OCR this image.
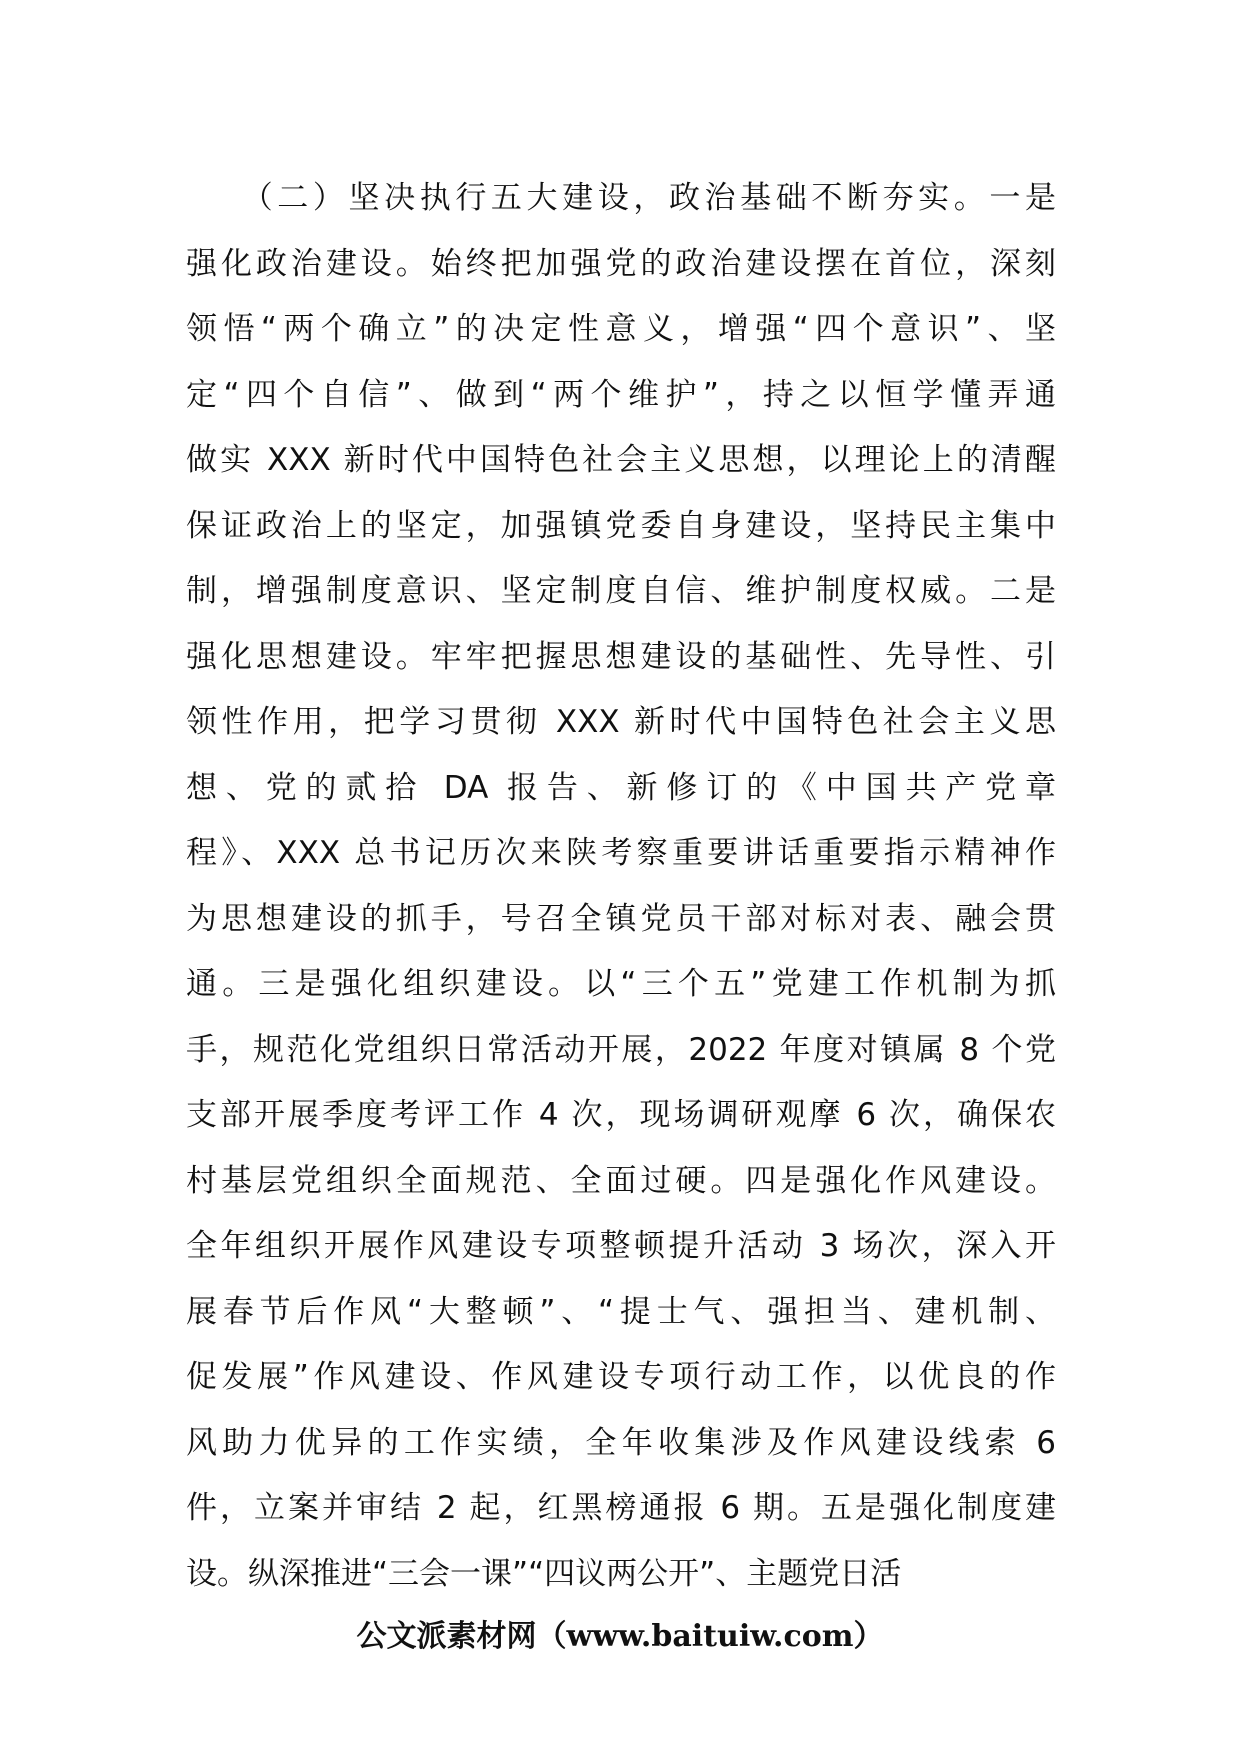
　　（二）坚决执行五大建设，政治基础不断夯实。一是
强化政治建设。始终把加强党的政治建设摆在首位，深刻
领悟“两个确立”的决定性意义，增强“四个意识”、坚
定“四个自信”、做到“两个维护”，持之以恒学懂弄通
做实 XXX 新时代中国特色社会主义思想，以理论上的清醒
保证政治上的坚定，加强镇党委自身建设，坚持民主集中
制，增强制度意识、坚定制度自信、维护制度权威。二是
强化思想建设。牢牢把握思想建设的基础性、先导性、引
领性作用，把学习贯彻 XXX 新时代中国特色社会主义思
想、党的贰拾 DA 报告、新修订的《中国共产党章
程》、XXX 总书记历次来陕考察重要讲话重要指示精神作
为思想建设的抓手，号召全镇党员干部对标对表、融会贯
通。三是强化组织建设。以“三个五”党建工作机制为抓
手，规范化党组织日常活动开展，2022 年度对镇属 8 个党
支部开展季度考评工作 4 次，现场调研观摩 6 次，确保农
村基层党组织全面规范、全面过硬。四是强化作风建设。
全年组织开展作风建设专项整顿提升活动 3 场次，深入开
展春节后作风“大整顿”、“提士气、强担当、建机制、
促发展”作风建设、作风建设专项行动工作，以优良的作
风助力优异的工作实绩，全年收集涉及作风建设线索 6
件，立案并审结 2 起，红黑榜通报 6 期。五是强化制度建
设。纵深推进“三会一课”“四议两公开”、主题党日活
公文派素材网（www.baituiw.com）
